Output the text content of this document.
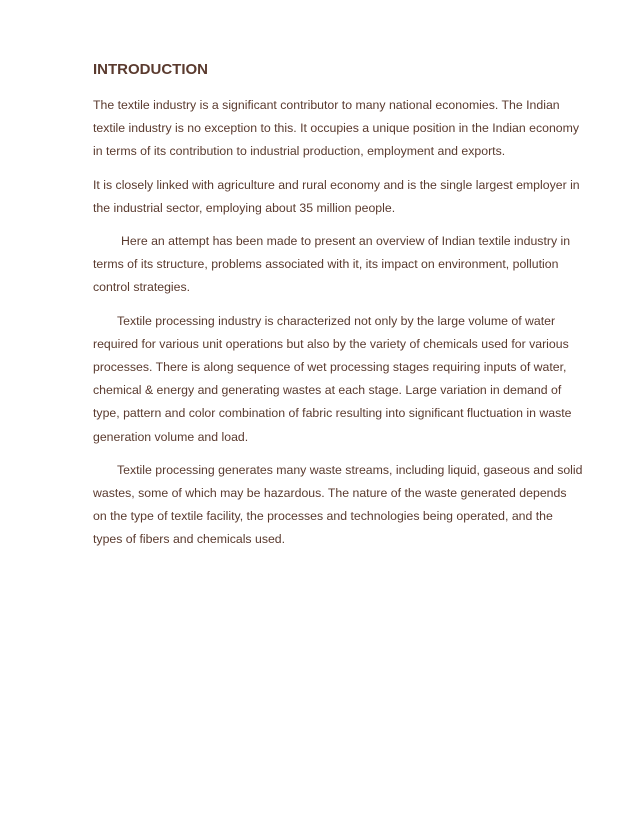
INTRODUCTION

The textile industry is a significant contributor to many national economies. The Indian textile industry is no exception to this. It occupies a unique position in the Indian economy in terms of its contribution to industrial production, employment and exports.

It is closely linked with agriculture and rural economy and is the single largest employer in the industrial sector, employing about 35 million people.

Here an attempt has been made to present an overview of Indian textile industry in terms of its structure, problems associated with it, its impact on environment, pollution control strategies.

Textile processing industry is characterized not only by the large volume of water required for various unit operations but also by the variety of chemicals used for various processes. There is along sequence of wet processing stages requiring inputs of water, chemical & energy and generating wastes at each stage. Large variation in demand of type, pattern and color combination of fabric resulting into significant fluctuation in waste generation volume and load.

Textile processing generates many waste streams, including liquid, gaseous and solid wastes, some of which may be hazardous. The nature of the waste generated depends on the type of textile facility, the processes and technologies being operated, and the types of fibers and chemicals used.
